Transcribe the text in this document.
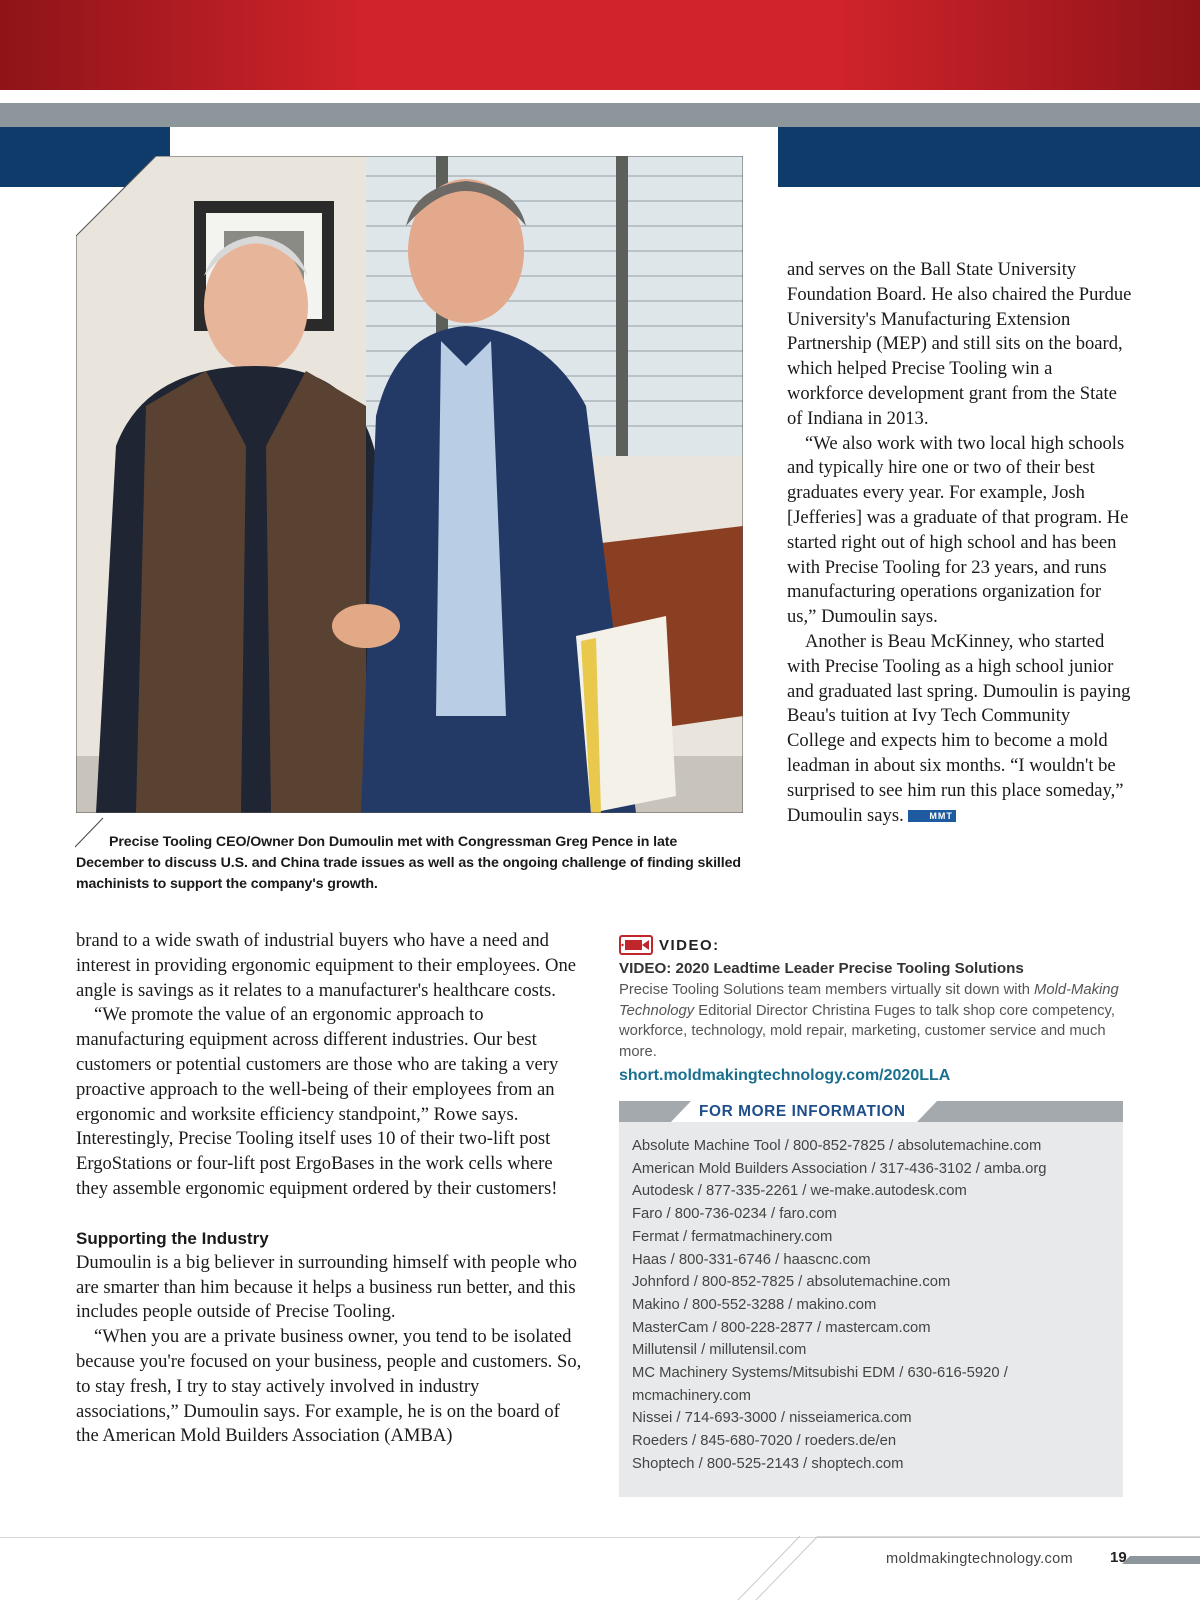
Precise Tooling CEO/Owner Don Dumoulin met with Congressman Greg Pence in late December to discuss U.S. and China trade issues as well as the ongoing challenge of finding skilled machinists to support the company's growth.

and serves on the Ball State University Foundation Board. He also chaired the Purdue University's Manufacturing Extension Partnership (MEP) and still sits on the board, which helped Precise Tooling win a workforce development grant from the State of Indiana in 2013.

“We also work with two local high schools and typically hire one or two of their best graduates every year. For example, Josh [Jefferies] was a graduate of that program. He started right out of high school and has been with Precise Tooling for 23 years, and runs manufacturing operations organization for us,” Dumoulin says.

Another is Beau McKinney, who started with Precise Tooling as a high school junior and graduated last spring. Dumoulin is paying Beau's tuition at Ivy Tech Community College and expects him to become a mold leadman in about six months. “I wouldn't be surprised to see him run this place someday,” Dumoulin says.	MMT

brand to a wide swath of industrial buyers who have a need and interest in providing ergonomic equipment to their employees. One angle is savings as it relates to a manufacturer's healthcare costs.

“We promote the value of an ergonomic approach to manufacturing equipment across different industries. Our best customers or potential customers are those who are taking a very proactive approach to the well-being of their employees from an ergonomic and worksite efficiency standpoint,” Rowe says. Interestingly, Precise Tooling itself uses 10 of their two-lift post ErgoStations or four-lift post ErgoBases in the work cells where they assemble ergonomic equipment ordered by their customers!

Supporting the Industry

Dumoulin is a big believer in surrounding himself with people who are smarter than him because it helps a business run better, and this includes people outside of Precise Tooling.

“When you are a private business owner, you tend to be isolated because you're focused on your business, people and customers. So, to stay fresh, I try to stay actively involved in industry associations,” Dumoulin says. For example, he is on the board of the American Mold Builders Association (AMBA)

VIDEO:
VIDEO: 2020 Leadtime Leader Precise Tooling Solutions
Precise Tooling Solutions team members virtually sit down with Mold-Making Technology Editorial Director Christina Fuges to talk shop core competency, workforce, technology, mold repair, marketing, customer service and much more.
short.moldmakingtechnology.com/2020LLA
FOR MORE INFORMATION
Absolute Machine Tool / 800-852-7825 / absolutemachine.com
American Mold Builders Association / 317-436-3102 / amba.org
Autodesk / 877-335-2261 / we-make.autodesk.com
Faro / 800-736-0234 / faro.com
Fermat / fermatmachinery.com
Haas / 800-331-6746 / haascnc.com
Johnford / 800-852-7825 / absolutemachine.com
Makino / 800-552-3288 / makino.com
MasterCam / 800-228-2877 / mastercam.com
Millutensil / millutensil.com
MC Machinery Systems/Mitsubishi EDM / 630-616-5920 / mcmachinery.com
Nissei / 714-693-3000 / nisseiamerica.com
Roeders / 845-680-7020 / roeders.de/en
Shoptech / 800-525-2143 / shoptech.com
moldmakingtechnology.com 19
